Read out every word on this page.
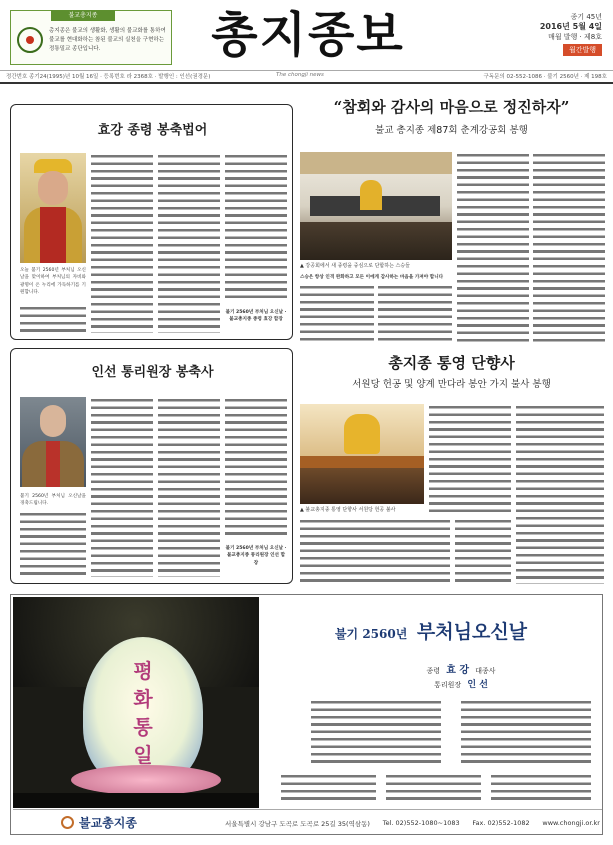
불교총지종
총지종은 불교의 생활화, 생활의 불교화를 통하여 불교를 현대화하는 참된 불교의 실천을 구현하는 정통밀교 종단입니다.	총지종보	종기 45년
2016년 5월 4일
매월 발행 · 제8호
월간발행
정간번호 종기24(1995)년 10월 16일 · 등록번호 라 2368호 · 발행인 : 인선(권경문)	The chongji news	구독문의 02-552-1086 · 불기 2560년 · 제 198호
효강 종령 봉축법어
오늘 불기 2560년 부처님 오신날을 맞이하여 부처님의 자비와 광명이 온 누리에 가득하기를 기원합니다.
불기 2560년 부처님 오신날 · 불교총지종 종령 효강 합장
인선 통리원장 봉축사
불기 2560년 부처님 오신날을 경축드립니다.
불기 2560년 부처님 오신날 · 불교총지종 통리원장 인선 합장
“참회와 감사의 마음으로 정진하자”
불교 총지종 제87회 춘계강공회 봉행
▲ 강공회에서 새 종령을 중심으로 단합하는 스승들
스승은 항상 인격 완화하고 모든 이에게 감사하는 마음을 가져야 합니다
총지종 통영 단향사
서원당 헌공 및 양계 만다라 봉안 가지 불사 봉행
▲ 불교총지종 통영 단향사 서원당 헌공 불사
평
화
통
일
불기 2560년 부처님오신날
종령 효 강 대종사
통리원장 인 선
불교총지종	서울특별시 강남구 도곡로 도곡로 25길 35(역삼동) Tel. 02)552-1080~1083 Fax. 02)552-1082 www.chongji.or.kr
